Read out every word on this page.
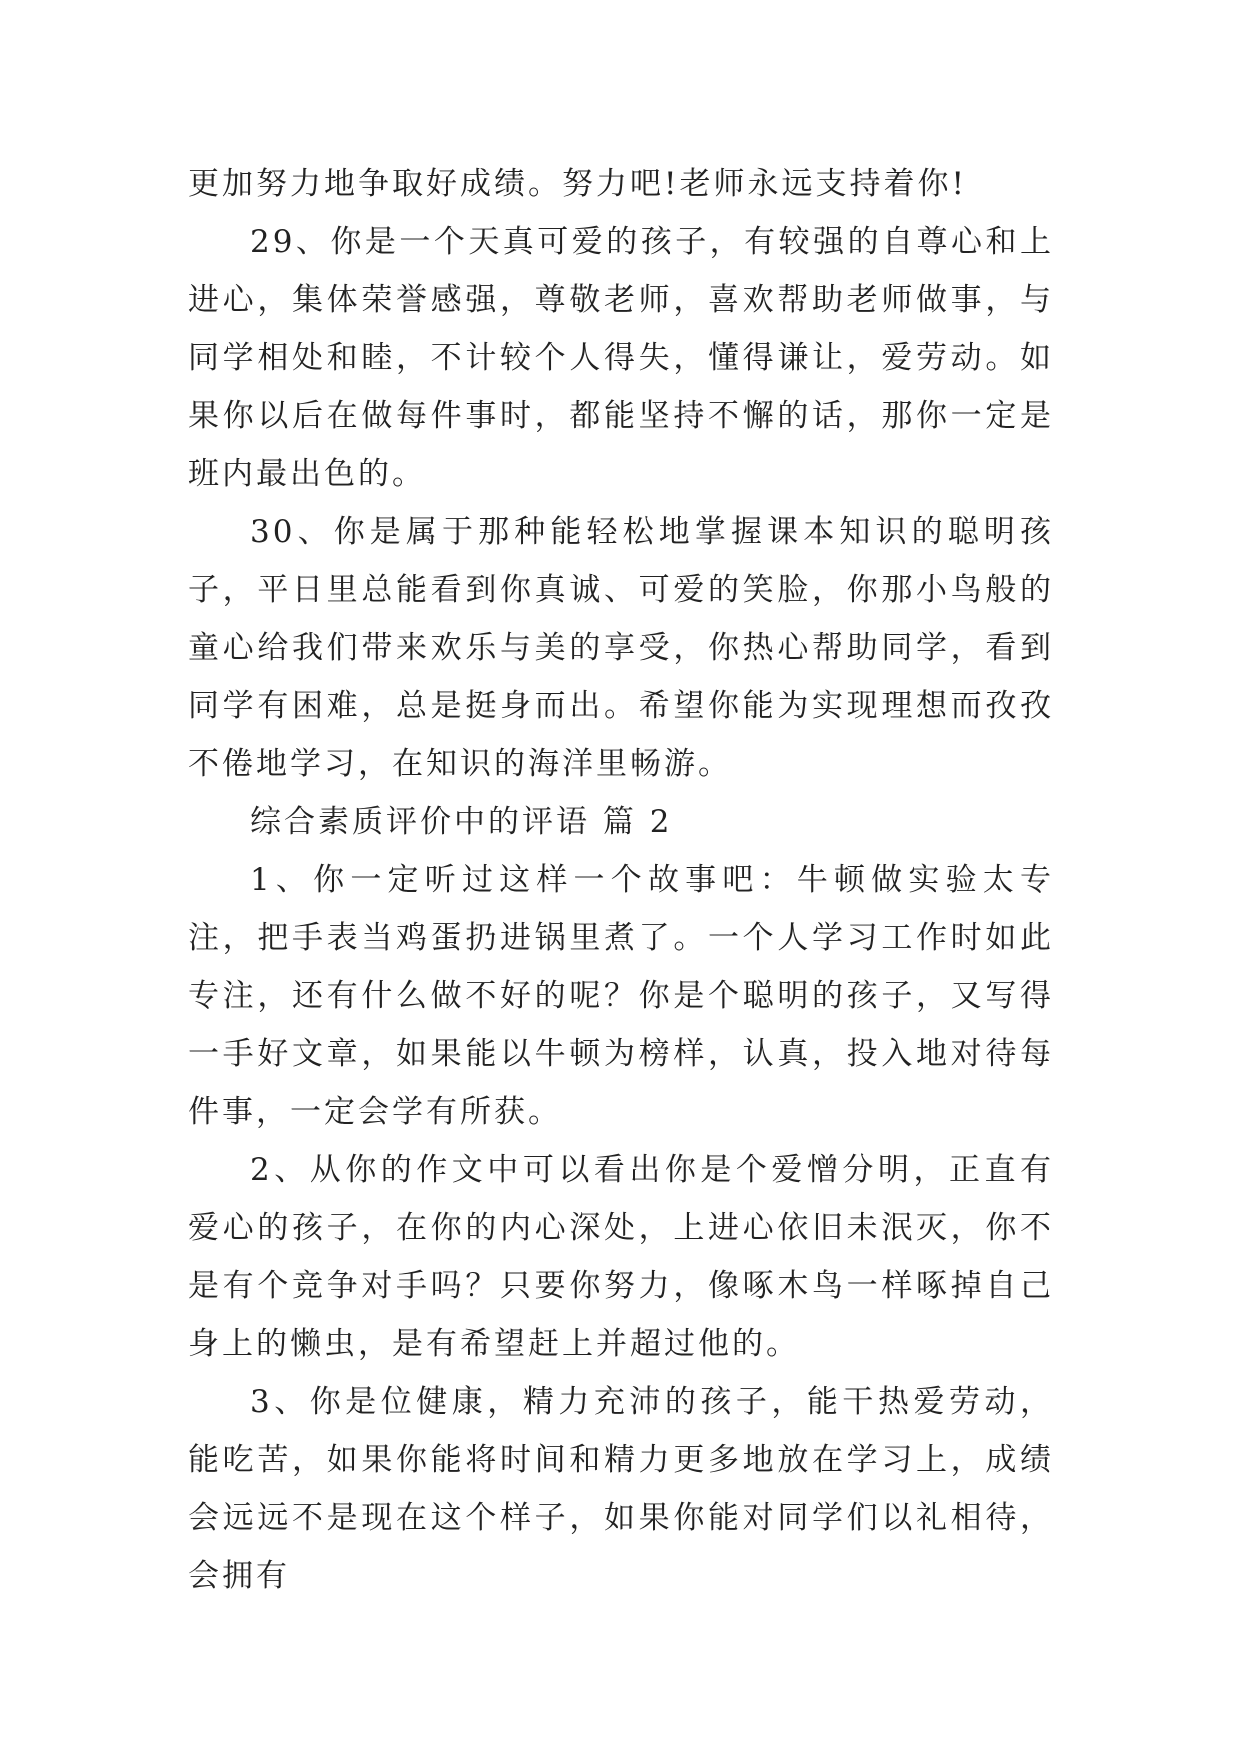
更加努力地争取好成绩。努力吧!老师永远支持着你!

29、你是一个天真可爱的孩子，有较强的自尊心和上进心，集体荣誉感强，尊敬老师，喜欢帮助老师做事，与同学相处和睦，不计较个人得失，懂得谦让，爱劳动。如果你以后在做每件事时，都能坚持不懈的话，那你一定是班内最出色的。

30、你是属于那种能轻松地掌握课本知识的聪明孩子，平日里总能看到你真诚、可爱的笑脸，你那小鸟般的童心给我们带来欢乐与美的享受，你热心帮助同学，看到同学有困难，总是挺身而出。希望你能为实现理想而孜孜不倦地学习，在知识的海洋里畅游。

综合素质评价中的评语 篇 2

1、你一定听过这样一个故事吧：牛顿做实验太专注，把手表当鸡蛋扔进锅里煮了。一个人学习工作时如此专注，还有什么做不好的呢？你是个聪明的孩子，又写得一手好文章，如果能以牛顿为榜样，认真，投入地对待每件事，一定会学有所获。

2、从你的作文中可以看出你是个爱憎分明，正直有爱心的孩子，在你的内心深处，上进心依旧未泯灭，你不是有个竞争对手吗？只要你努力，像啄木鸟一样啄掉自己身上的懒虫，是有希望赶上并超过他的。

3、你是位健康，精力充沛的孩子，能干热爱劳动，能吃苦，如果你能将时间和精力更多地放在学习上，成绩会远远不是现在这个样子，如果你能对同学们以礼相待，会拥有
